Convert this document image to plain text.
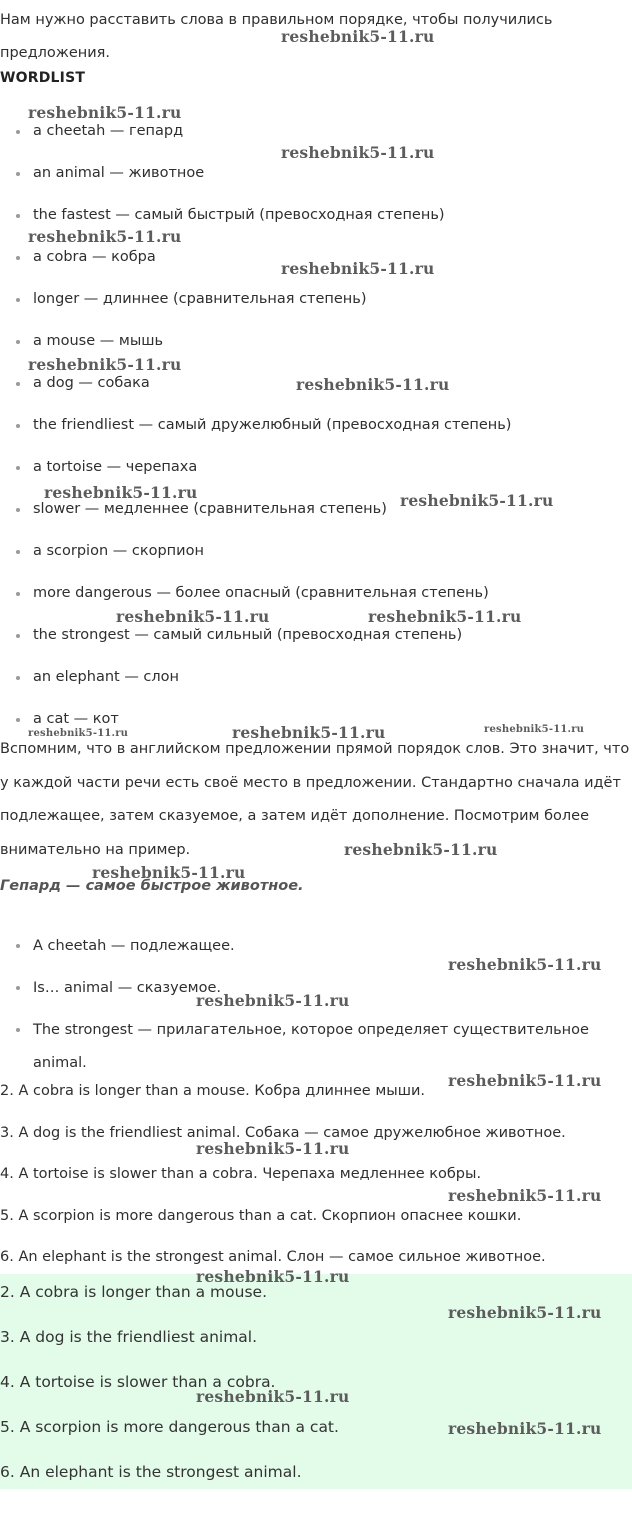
Нам нужно расставить слова в правильном порядке, чтобы получились предложения.

WORDLIST
a cheetah — гепард
an animal — животное
the fastest — самый быстрый (превосходная степень)
a cobra — кобра
longer — длиннее (сравнительная степень)
a mouse — мышь
a dog — собака
the friendliest — самый дружелюбный (превосходная степень)
a tortoise — черепаха
slower — медленнее (сравнительная степень)
a scorpion — скорпион
more dangerous — более опасный (сравнительная степень)
the strongest — самый сильный (превосходная степень)
an elephant — слон
a cat — кот

Вспомним, что в английском предложении прямой порядок слов. Это значит, что у каждой части речи есть своё место в предложении. Стандартно сначала идёт подлежащее, затем сказуемое, а затем идёт дополнение. Посмотрим более внимательно на пример.

Гепард — самое быстрое животное.
A cheetah — подлежащее.
Is… animal — сказуемое.
The strongest — прилагательное, которое определяет существительное animal.
2. A cobra is longer than a mouse. Кобра длиннее мыши.
3. A dog is the friendliest animal. Собака — самое дружелюбное животное.
4. A tortoise is slower than a cobra. Черепаха медленнее кобры.
5. A scorpion is more dangerous than a cat. Скорпион опаснее кошки.
6. An elephant is the strongest animal. Слон — самое сильное животное.
2. A cobra is longer than a mouse.
3. A dog is the friendliest animal.
4. A tortoise is slower than a cobra.
5. A scorpion is more dangerous than a cat.
6. An elephant is the strongest animal.
reshebnik5-11.ru
reshebnik5-11.ru
reshebnik5-11.ru
reshebnik5-11.ru
reshebnik5-11.ru
reshebnik5-11.ru
reshebnik5-11.ru
reshebnik5-11.ru	reshebnik5-11.ru
reshebnik5-11.ru	reshebnik5-11.ru
reshebnik5-11.ru	reshebnik5-11.ru	reshebnik5-11.ru
reshebnik5-11.ru
reshebnik5-11.ru
reshebnik5-11.ru
reshebnik5-11.ru
reshebnik5-11.ru
reshebnik5-11.ru
reshebnik5-11.ru
reshebnik5-11.ru
reshebnik5-11.ru
reshebnik5-11.ru
reshebnik5-11.ru
